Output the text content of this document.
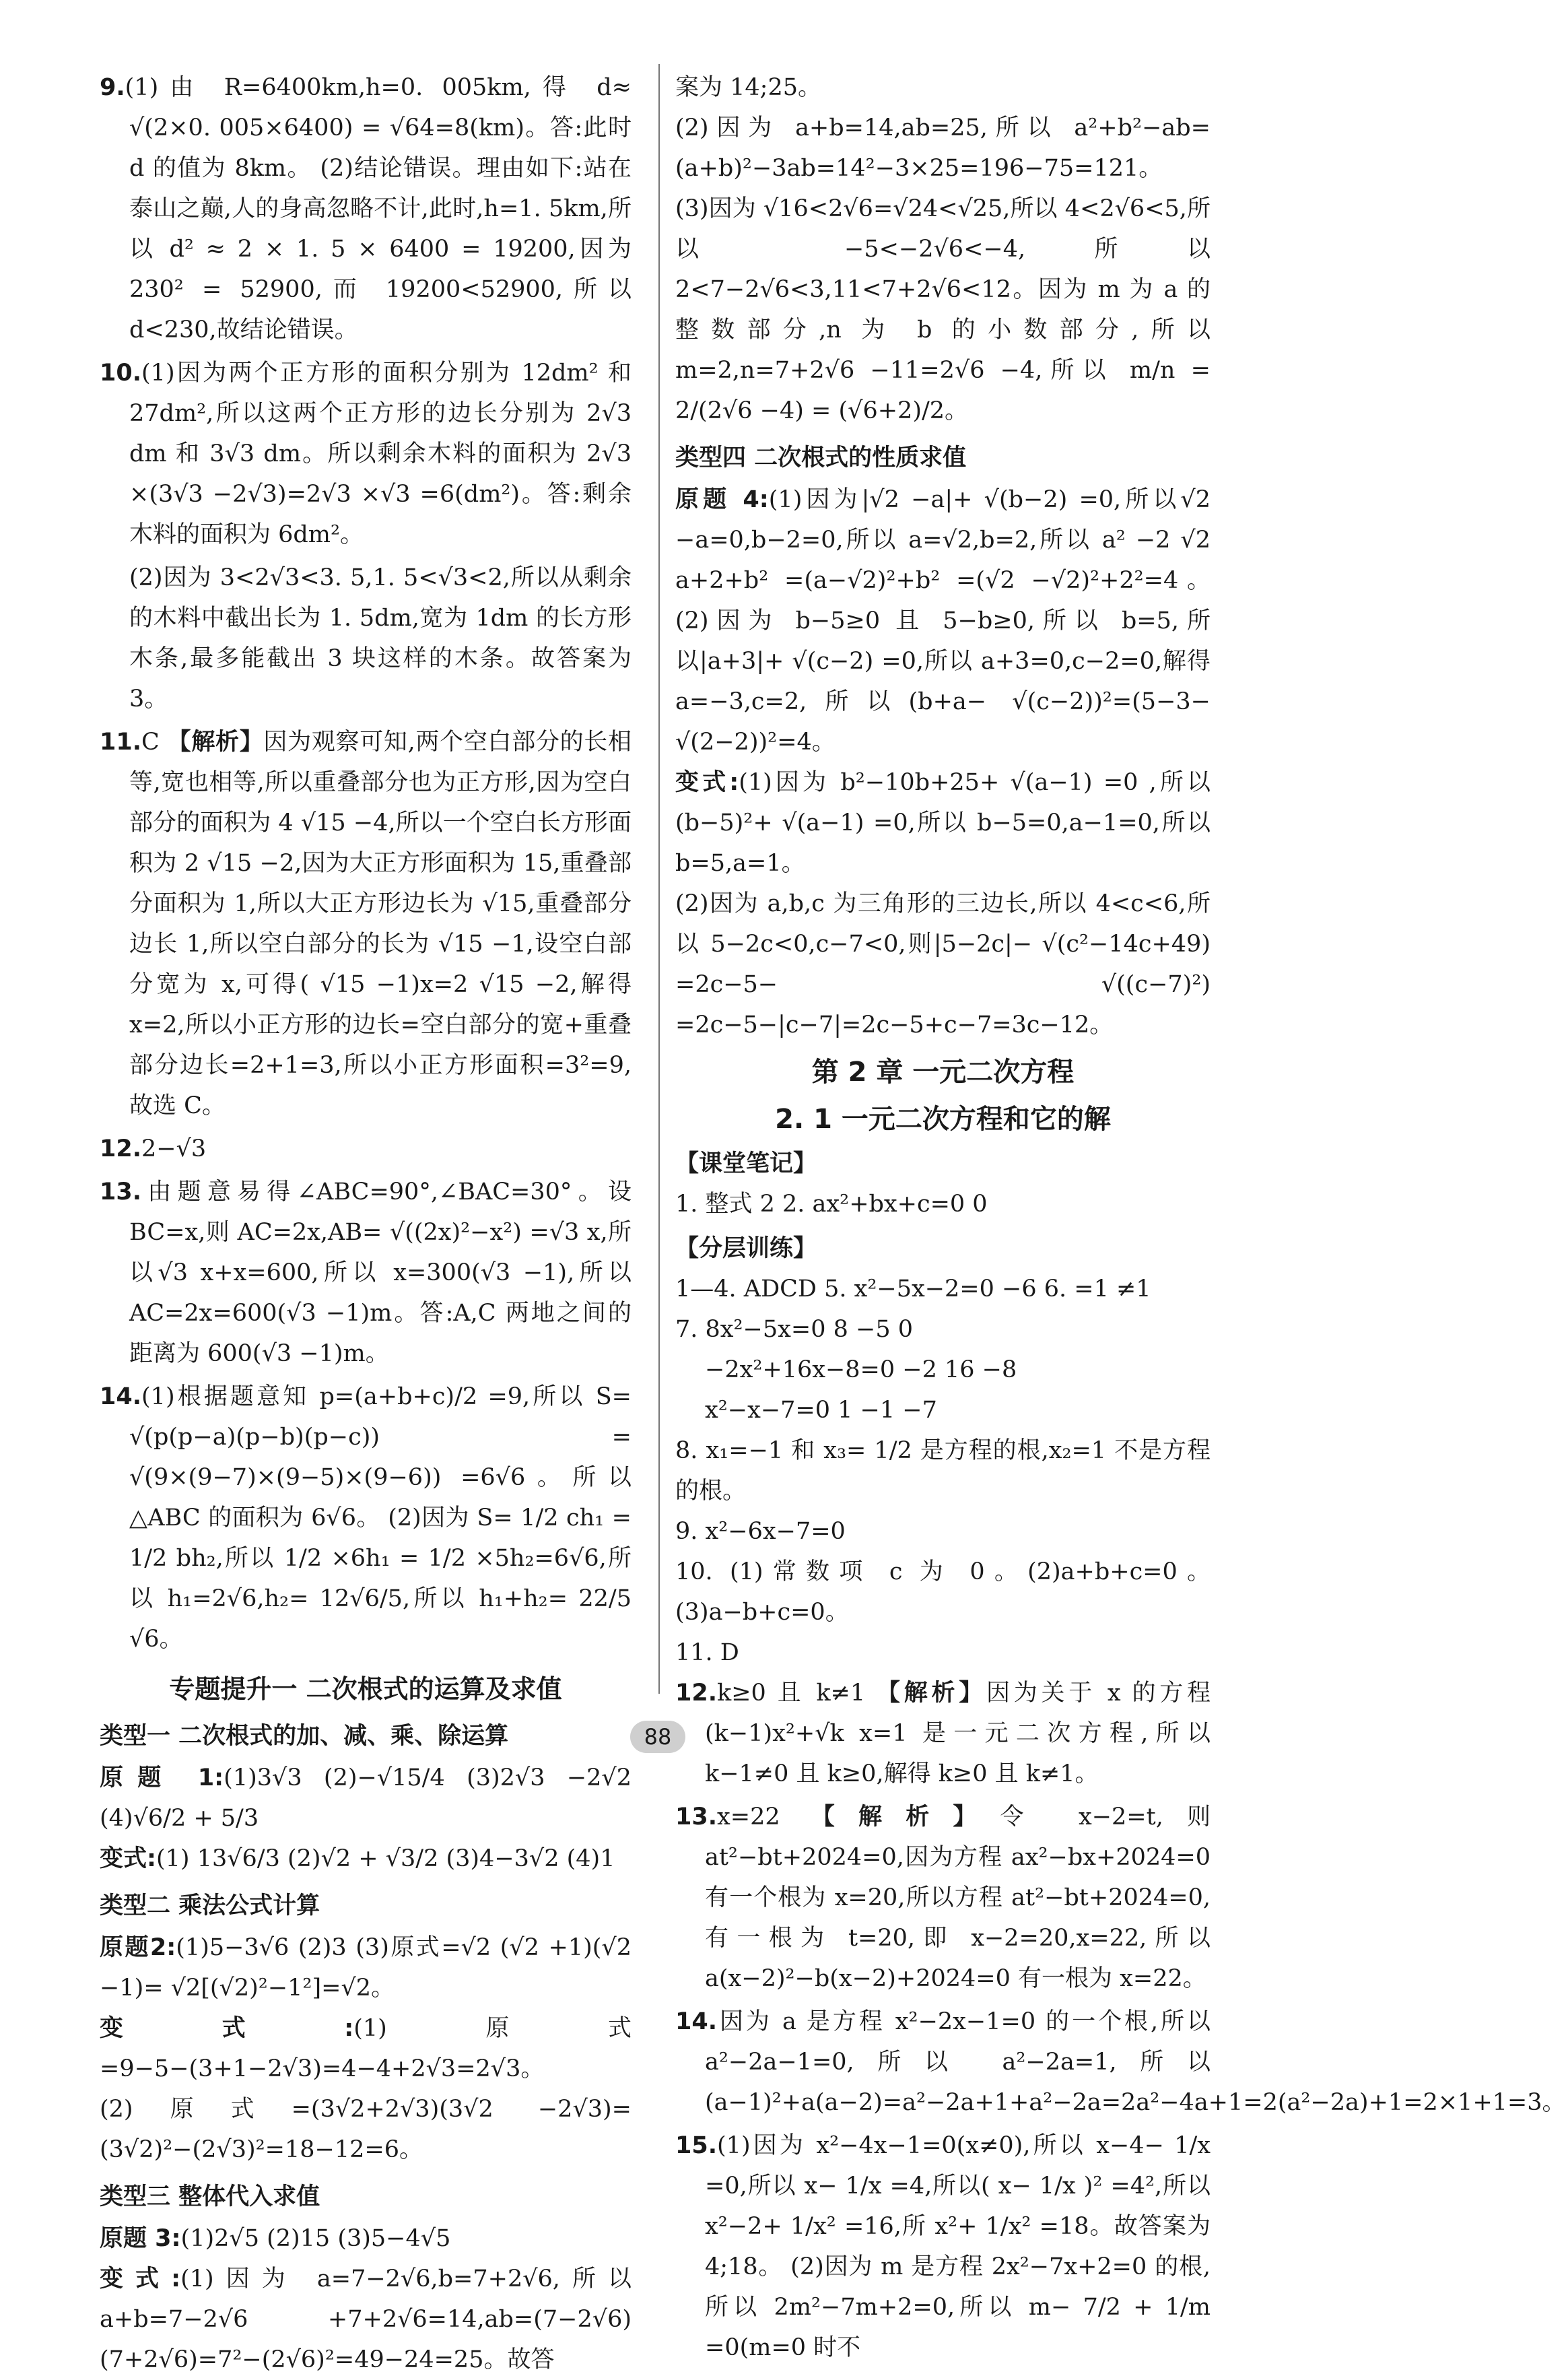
9.(1)由 R=6400km,h=0. 005km,得 d≈ √(2×0. 005×6400) = √64=8(km)。答:此时 d 的值为 8km。 (2)结论错误。理由如下:站在泰山之巅,人的身高忽略不计,此时,h=1. 5km,所以 d² ≈ 2 × 1. 5 × 6400 = 19200,因为 230² = 52900,而 19200<52900,所以 d<230,故结论错误。

10.(1)因为两个正方形的面积分别为 12dm² 和 27dm²,所以这两个正方形的边长分别为 2√3 dm 和 3√3 dm。所以剩余木料的面积为 2√3 ×(3√3 −2√3)=2√3 ×√3 =6(dm²)。答:剩余木料的面积为 6dm²。

(2)因为 3<2√3<3. 5,1. 5<√3<2,所以从剩余的木料中截出长为 1. 5dm,宽为 1dm 的长方形木条,最多能截出 3 块这样的木条。故答案为 3。

11.C 【解析】因为观察可知,两个空白部分的长相等,宽也相等,所以重叠部分也为正方形,因为空白部分的面积为 4 √15 −4,所以一个空白长方形面积为 2 √15 −2,因为大正方形面积为 15,重叠部分面积为 1,所以大正方形边长为 √15,重叠部分边长 1,所以空白部分的长为 √15 −1,设空白部分宽为 x,可得( √15 −1)x=2 √15 −2,解得 x=2,所以小正方形的边长=空白部分的宽+重叠部分边长=2+1=3,所以小正方形面积=3²=9,故选 C。

12.2−√3

13.由题意易得∠ABC=90°,∠BAC=30°。设 BC=x,则 AC=2x,AB= √((2x)²−x²) =√3 x,所以√3 x+x=600,所以 x=300(√3 −1),所以 AC=2x=600(√3 −1)m。答:A,C 两地之间的距离为 600(√3 −1)m。

14.(1)根据题意知 p=(a+b+c)/2 =9,所以 S= √(p(p−a)(p−b)(p−c)) = √(9×(9−7)×(9−5)×(9−6)) =6√6。所以△ABC 的面积为 6√6。 (2)因为 S= 1/2 ch₁ = 1/2 bh₂,所以 1/2 ×6h₁ = 1/2 ×5h₂=6√6,所以 h₁=2√6,h₂= 12√6/5,所以 h₁+h₂= 22/5 √6。

专题提升一 二次根式的运算及求值
类型一 二次根式的加、减、乘、除运算

原题 1:(1)3√3 (2)−√15/4 (3)2√3 −2√2 (4)√6/2 + 5/3

变式:(1) 13√6/3 (2)√2 + √3/2 (3)4−3√2 (4)1

类型二 乘法公式计算

原题2:(1)5−3√6 (2)3 (3)原式=√2 (√2 +1)(√2 −1)= √2[(√2)²−1²]=√2。

变式:(1)原式=9−5−(3+1−2√3)=4−4+2√3=2√3。

(2)原式=(3√2+2√3)(3√2 −2√3)=(3√2)²−(2√3)²=18−12=6。

类型三 整体代入求值

原题 3:(1)2√5 (2)15 (3)5−4√5

变式:(1)因为 a=7−2√6,b=7+2√6,所以 a+b=7−2√6 +7+2√6=14,ab=(7−2√6)(7+2√6)=7²−(2√6)²=49−24=25。故答

案为 14;25。

(2)因为 a+b=14,ab=25,所以 a²+b²−ab=(a+b)²−3ab=14²−3×25=196−75=121。

(3)因为 √16<2√6=√24<√25,所以 4<2√6<5,所以 −5<−2√6<−4,所以 2<7−2√6<3,11<7+2√6<12。因为 m 为 a 的整数部分,n 为 b 的小数部分,所以 m=2,n=7+2√6 −11=2√6 −4,所以 m/n = 2/(2√6 −4) = (√6+2)/2。

类型四 二次根式的性质求值

原题 4:(1)因为|√2 −a|+ √(b−2) =0,所以√2 −a=0,b−2=0,所以 a=√2,b=2,所以 a² −2 √2 a+2+b² =(a−√2)²+b² =(√2 −√2)²+2²=4。 (2)因为 b−5≥0 且 5−b≥0,所以 b=5,所以|a+3|+ √(c−2) =0,所以 a+3=0,c−2=0,解得 a=−3,c=2,所以(b+a− √(c−2))²=(5−3− √(2−2))²=4。

变式:(1)因为 b²−10b+25+ √(a−1) =0 ,所以(b−5)²+ √(a−1) =0,所以 b−5=0,a−1=0,所以 b=5,a=1。

(2)因为 a,b,c 为三角形的三边长,所以 4<c<6,所以 5−2c<0,c−7<0,则|5−2c|− √(c²−14c+49) =2c−5− √((c−7)²) =2c−5−|c−7|=2c−5+c−7=3c−12。

第 2 章 一元二次方程
2. 1 一元二次方程和它的解
【课堂笔记】

1. 整式 2 2. ax²+bx+c=0 0

【分层训练】

1—4. ADCD 5. x²−5x−2=0 −6 6. =1 ≠1

7. 8x²−5x=0 8 −5 0

−2x²+16x−8=0 −2 16 −8

x²−x−7=0 1 −1 −7

8. x₁=−1 和 x₃= 1/2 是方程的根,x₂=1 不是方程的根。

9. x²−6x−7=0

10. (1)常数项 c 为 0。(2)a+b+c=0。(3)a−b+c=0。

11. D

12.k≥0 且 k≠1 【解析】因为关于 x 的方程(k−1)x²+√k x=1 是一元二次方程,所以 k−1≠0 且 k≥0,解得 k≥0 且 k≠1。

13.x=22 【解析】令 x−2=t,则 at²−bt+2024=0,因为方程 ax²−bx+2024=0 有一个根为 x=20,所以方程 at²−bt+2024=0,有一根为 t=20,即 x−2=20,x=22,所以 a(x−2)²−b(x−2)+2024=0 有一根为 x=22。

14.因为 a 是方程 x²−2x−1=0 的一个根,所以 a²−2a−1=0,所以 a²−2a=1,所以(a−1)²+a(a−2)=a²−2a+1+a²−2a=2a²−4a+1=2(a²−2a)+1=2×1+1=3。

15.(1)因为 x²−4x−1=0(x≠0),所以 x−4− 1/x =0,所以 x− 1/x =4,所以( x− 1/x )² =4²,所以 x²−2+ 1/x² =16,所 x²+ 1/x² =18。故答案为 4;18。 (2)因为 m 是方程 2x²−7x+2=0 的根,所以 2m²−7m+2=0,所以 m− 7/2 + 1/m =0(m=0 时不

88
